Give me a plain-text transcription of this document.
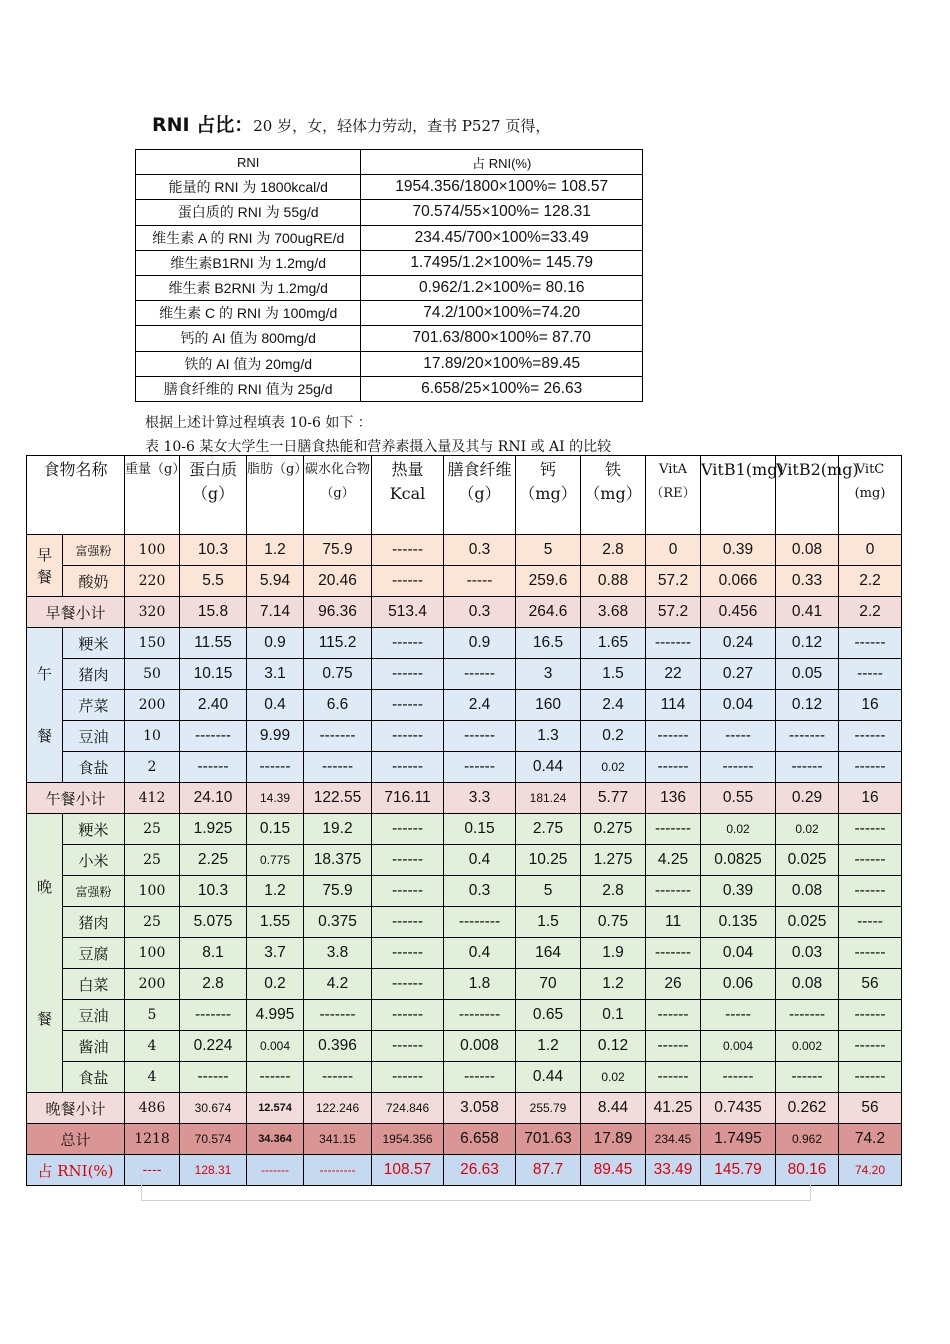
RNI 占比：20 岁，女，轻体力劳动，查书 P527 页得，
RNI	占 RNI(%)
能量的 RNI 为 1800kcal/d	1954.356/1800×100%= 108.57
蛋白质的 RNI 为 55g/d	70.574/55×100%= 128.31
维生素 A 的 RNI 为 700ugRE/d	234.45/700×100%=33.49
维生素B1RNI 为 1.2mg/d	1.7495/1.2×100%= 145.79
维生素 B2RNI 为 1.2mg/d	0.962/1.2×100%= 80.16
维生素 C 的 RNI 为 100mg/d	74.2/100×100%=74.20
钙的 AI 值为 800mg/d	701.63/800×100%= 87.70
铁的 AI 值为 20mg/d	17.89/20×100%=89.45
膳食纤维的 RNI 值为 25g/d	6.658/25×100%= 26.63
根据上述计算过程填表 10-6 如下 ：
表 10-6 某女大学生一日膳食热能和营养素摄入量及其与 RNI 或 AI 的比较
食物名称		重量（g）	蛋白质（g）	脂肪（g）	碳水化合物（g）	热量 Kcal	膳食纤维（g）	钙（mg）	铁（mg）	VitA（RE）	VitB1(mg)	VitB2(mg)	VitC (mg)

早
餐	富强粉	100	10.3	1.2	75.9	------	0.3	5	2.8	0	0.39	0.08	0
	酸奶	220	5.5	5.94	20.46	------	-----	259.6	0.88	57.2	0.066	0.33	2.2
早餐小计		320	15.8	7.14	96.36	513.4	0.3	264.6	3.68	57.2	0.456	0.41	2.2

午
餐	粳米	150	11.55	0.9	115.2	------	0.9	16.5	1.65	-------	0.24	0.12	------
	猪肉	50	10.15	3.1	0.75	------	------	3	1.5	22	0.27	0.05	-----
	芹菜	200	2.40	0.4	6.6	------	2.4	160	2.4	114	0.04	0.12	16
	豆油	10	-------	9.99	-------	------	------	1.3	0.2	------	-----	-------	------
	食盐	2	------	------	------	------	------	0.44	0.02	------	------	------	------
午餐小计		412	24.10	14.39	122.55	716.11	3.3	181.24	5.77	136	0.55	0.29	16

晚
餐	粳米	25	1.925	0.15	19.2	------	0.15	2.75	0.275	-------	0.02	0.02	------
	小米	25	2.25	0.775	18.375	------	0.4	10.25	1.275	4.25	0.0825	0.025	------
	富强粉	100	10.3	1.2	75.9	------	0.3	5	2.8	-------	0.39	0.08	------
	猪肉	25	5.075	1.55	0.375	------	--------	1.5	0.75	11	0.135	0.025	-----
	豆腐	100	8.1	3.7	3.8	------	0.4	164	1.9	-------	0.04	0.03	------
	白菜	200	2.8	0.2	4.2	------	1.8	70	1.2	26	0.06	0.08	56
	豆油	5	-------	4.995	-------	------	--------	0.65	0.1	------	-----	-------	------
	酱油	4	0.224	0.004	0.396	------	0.008	1.2	0.12	------	0.004	0.002	------
	食盐	4	------	------	------	------	------	0.44	0.02	------	------	------	------
晚餐小计		486	30.674	12.574	122.246	724.846	3.058	255.79	8.44	41.25	0.7435	0.262	56
总计		1218	70.574	34.364	341.15	1954.356	6.658	701.63	17.89	234.45	1.7495	0.962	74.2
占 RNI(%)		----	128.31	-------	---------	108.57	26.63	87.7	89.45	33.49	145.79	80.16	74.20
